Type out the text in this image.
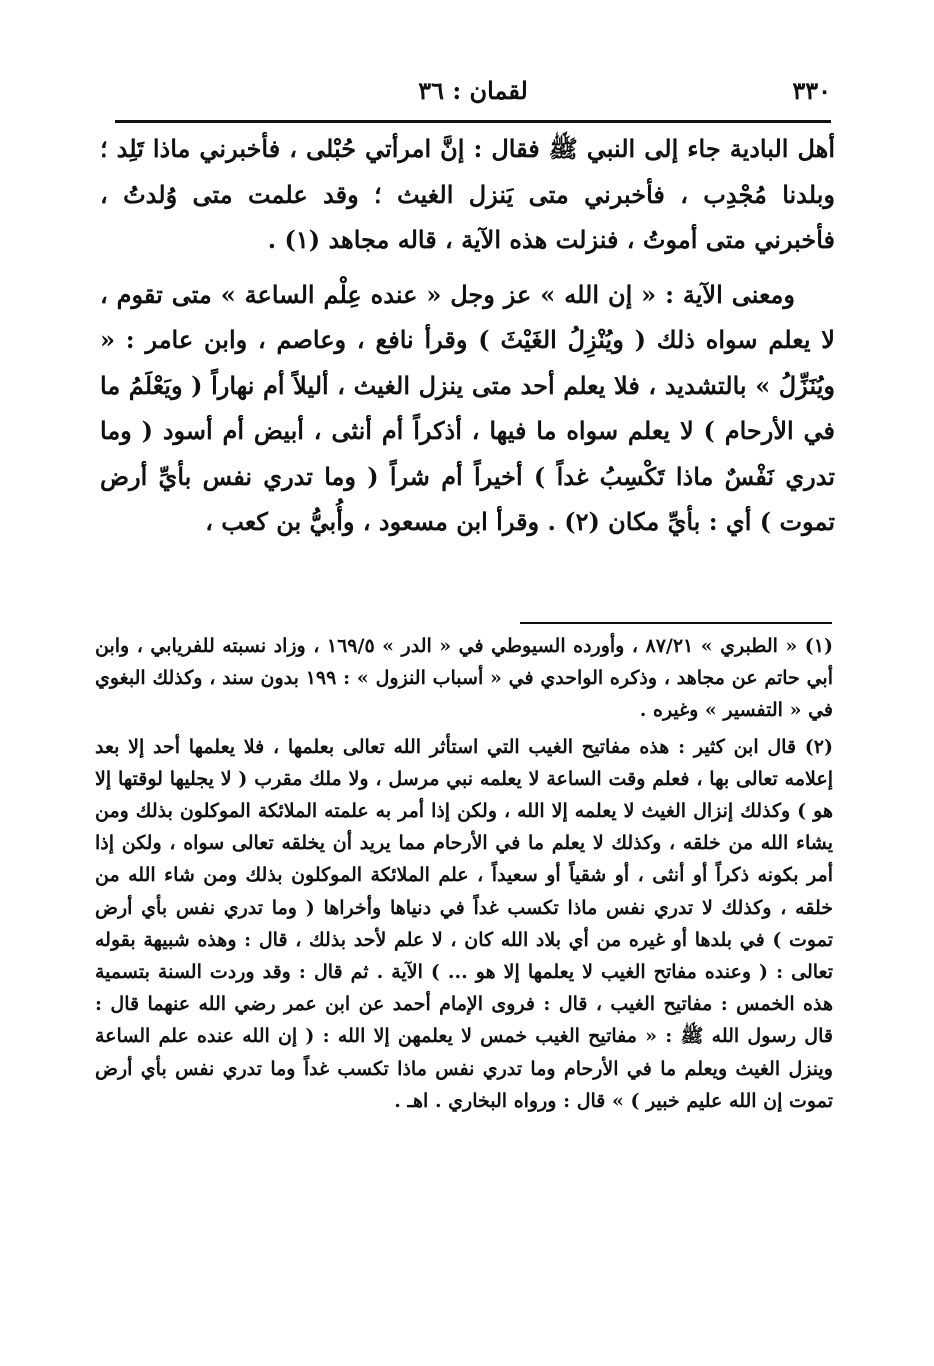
٣٣٠
لقمان : ٣٦

أهل البادية جاء إلى النبي ﷺ فقال : إنَّ امرأتي حُبْلى ، فأخبرني ماذا تَلِد ؛ وبلدنا مُجْدِب ، فأخبرني متى يَنزل الغيث ؛ وقد علمت متى وُلدتُ ، فأخبرني متى أموتُ ، فنزلت هذه الآية ، قاله مجاهد (١) .

ومعنى الآية : « إن الله » عز وجل « عنده عِلْم الساعة » متى تقوم ، لا يعلم سواه ذلك ( ويُنْزِلُ الغَيْثَ ) وقرأ نافع ، وعاصم ، وابن عامر : « ويُنَزِّلُ » بالتشديد ، فلا يعلم أحد متى ينزل الغيث ، أليلاً أم نهاراً ( ويَعْلَمُ ما في الأرحام ) لا يعلم سواه ما فيها ، أذكراً أم أنثى ، أبيض أم أسود ( وما تدري نَفْسٌ ماذا تَكْسِبُ غداً ) أخيراً أم شراً ( وما تدري نفس بأيِّ أرض تموت ) أي : بأيِّ مكان (٢) . وقرأ ابن مسعود ، وأُبيُّ بن كعب ،

(١) « الطبري » ٨٧/٢١ ، وأورده السيوطي في « الدر » ١٦٩/٥ ، وزاد نسبته للفريابي ، وابن أبي حاتم عن مجاهد ، وذكره الواحدي في « أسباب النزول » : ١٩٩ بدون سند ، وكذلك البغوي في « التفسير » وغيره .

(٢) قال ابن كثير : هذه مفاتيح الغيب التي استأثر الله تعالى بعلمها ، فلا يعلمها أحد إلا بعد إعلامه تعالى بها ، فعلم وقت الساعة لا يعلمه نبي مرسل ، ولا ملك مقرب ( لا يجليها لوقتها إلا هو ) وكذلك إنزال الغيث لا يعلمه إلا الله ، ولكن إذا أمر به علمته الملائكة الموكلون بذلك ومن يشاء الله من خلقه ، وكذلك لا يعلم ما في الأرحام مما يريد أن يخلقه تعالى سواه ، ولكن إذا أمر بكونه ذكراً أو أنثى ، أو شقياً أو سعيداً ، علم الملائكة الموكلون بذلك ومن شاء الله من خلقه ، وكذلك لا تدري نفس ماذا تكسب غداً في دنياها وأخراها ( وما تدري نفس بأي أرض تموت ) في بلدها أو غيره من أي بلاد الله كان ، لا علم لأحد بذلك ، قال : وهذه شبيهة بقوله تعالى : ( وعنده مفاتح الغيب لا يعلمها إلا هو ... ) الآية . ثم قال : وقد وردت السنة بتسمية هذه الخمس : مفاتيح الغيب ، قال : فروى الإمام أحمد عن ابن عمر رضي الله عنهما قال : قال رسول الله ﷺ : « مفاتيح الغيب خمس لا يعلمهن إلا الله : ( إن الله عنده علم الساعة وينزل الغيث ويعلم ما في الأرحام وما تدري نفس ماذا تكسب غداً وما تدري نفس بأي أرض تموت إن الله عليم خبير ) » قال : ورواه البخاري . اهـ .
